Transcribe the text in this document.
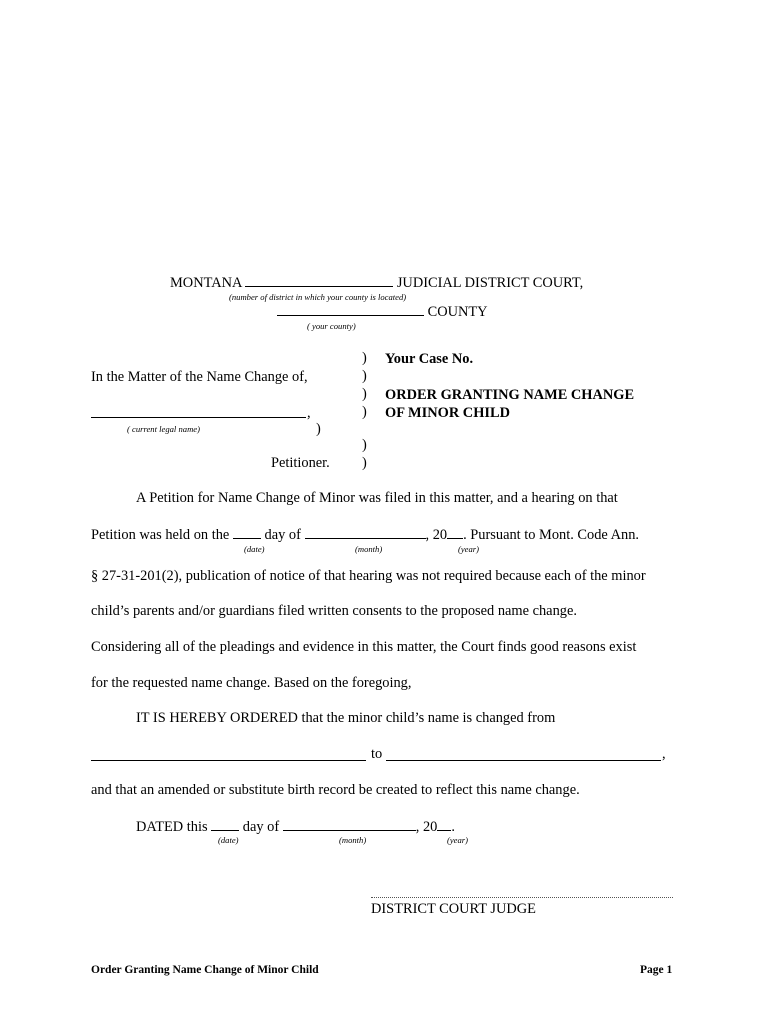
MONTANA	JUDICIAL DISTRICT COURT,
(number of district in which your county is located)
COUNTY
( your county)
In the Matter of the Name Change of,
,
( current legal name)
Petitioner.
)
)
)
)
)
)
)
Your Case No.
ORDER GRANTING NAME CHANGE
OF MINOR CHILD
A Petition for Name Change of Minor was filed in this matter, and a hearing on that
Petition was held on the day of	, 20 . Pursuant to Mont. Code Ann.
(date)	(month)	(year)
§ 27-31-201(2), publication of notice of that hearing was not required because each of the minor
child’s parents and/or guardians filed written consents to the proposed name change.
Considering all of the pleadings and evidence in this matter, the Court finds good reasons exist
for the requested name change. Based on the foregoing,
IT IS HEREBY ORDERED that the minor child’s name is changed from
to	,
and that an amended or substitute birth record be created to reflect this name change.
DATED this day of	, 20 .
(date)	(month)	(year)
DISTRICT COURT JUDGE
Order Granting Name Change of Minor Child	Page 1
